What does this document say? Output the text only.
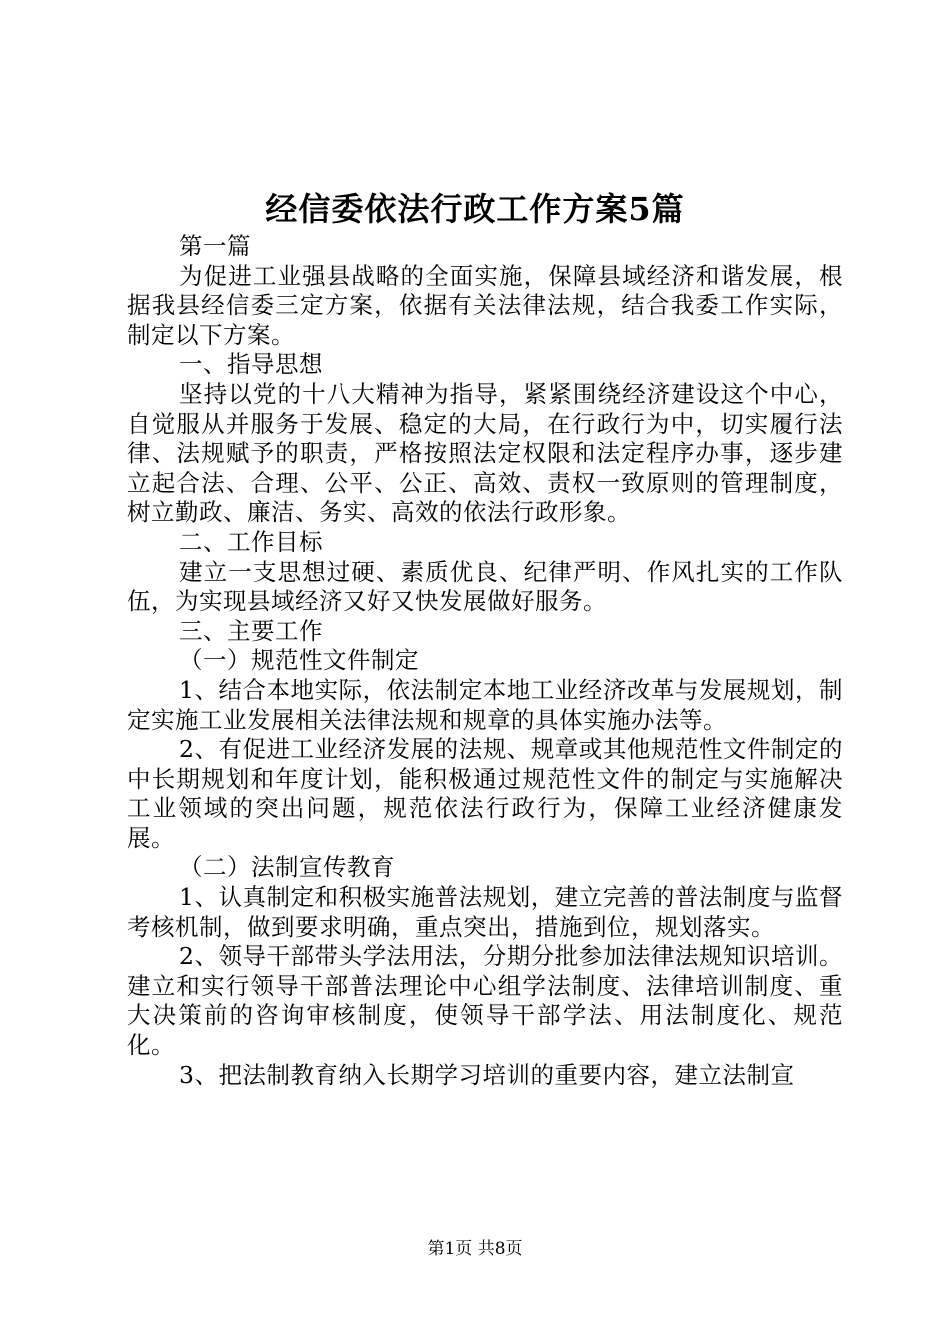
经信委依法行政工作方案5篇

第一篇

为促进工业强县战略的全面实施，保障县域经济和谐发展，根据我县经信委三定方案，依据有关法律法规，结合我委工作实际，制定以下方案。

一、指导思想

坚持以党的十八大精神为指导，紧紧围绕经济建设这个中心，自觉服从并服务于发展、稳定的大局，在行政行为中，切实履行法律、法规赋予的职责，严格按照法定权限和法定程序办事，逐步建立起合法、合理、公平、公正、高效、责权一致原则的管理制度，树立勤政、廉洁、务实、高效的依法行政形象。

二、工作目标

建立一支思想过硬、素质优良、纪律严明、作风扎实的工作队伍，为实现县域经济又好又快发展做好服务。

三、主要工作

（一）规范性文件制定

1、结合本地实际，依法制定本地工业经济改革与发展规划，制定实施工业发展相关法律法规和规章的具体实施办法等。

2、有促进工业经济发展的法规、规章或其他规范性文件制定的中长期规划和年度计划，能积极通过规范性文件的制定与实施解决工业领域的突出问题，规范依法行政行为，保障工业经济健康发展。

（二）法制宣传教育

1、认真制定和积极实施普法规划，建立完善的普法制度与监督考核机制，做到要求明确，重点突出，措施到位，规划落实。

2、领导干部带头学法用法，分期分批参加法律法规知识培训。建立和实行领导干部普法理论中心组学法制度、法律培训制度、重大决策前的咨询审核制度，使领导干部学法、用法制度化、规范化。

3、把法制教育纳入长期学习培训的重要内容，建立法制宣

第1页 共8页
